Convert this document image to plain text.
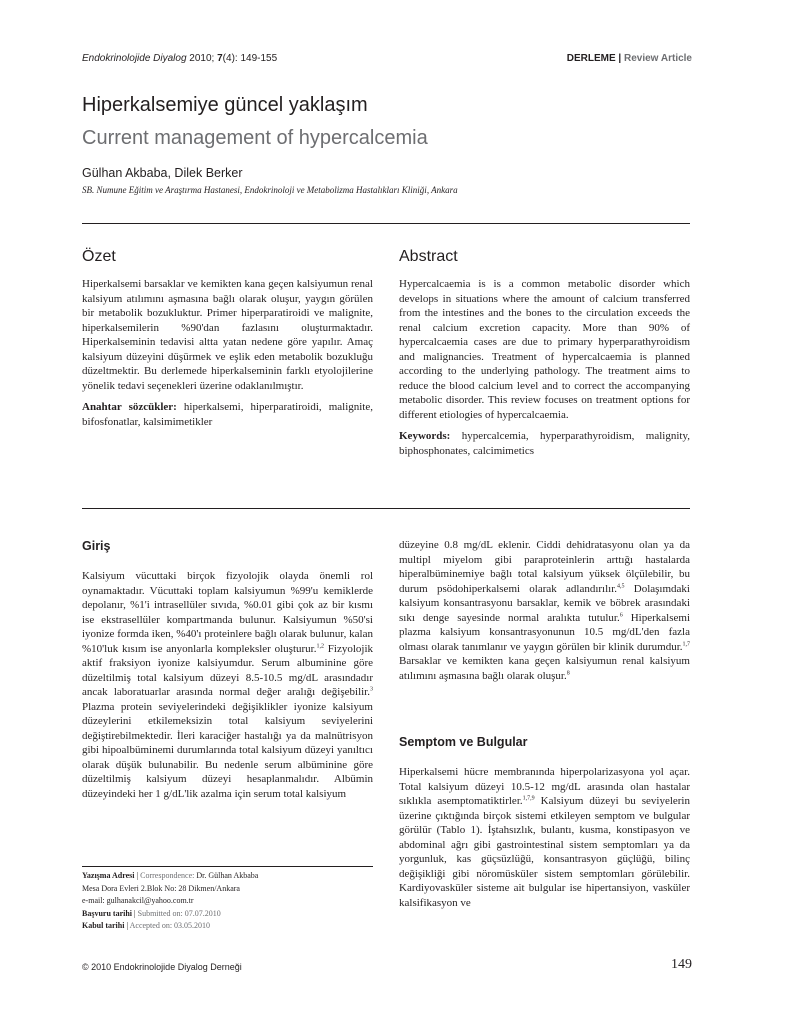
Endokrinolojide Diyalog 2010; 7(4): 149-155	DERLEME | Review Article
Hiperkalsemiye güncel yaklaşım
Current management of hypercalcemia
Gülhan Akbaba, Dilek Berker
SB. Numune Eğitim ve Araştırma Hastanesi, Endokrinoloji ve Metabolizma Hastalıkları Kliniği, Ankara
Özet

Hiperkalsemi barsaklar ve kemikten kana geçen kalsiyumun renal kalsiyum atılımını aşmasına bağlı olarak oluşur, yaygın görülen bir metabolik bozukluktur. Primer hiperparatiroidi ve malignite, hiperkalsemilerin %90'dan fazlasını oluşturmaktadır. Hiperkalseminin tedavisi altta yatan nedene göre yapılır. Amaç kalsiyum düzeyini düşürmek ve eşlik eden metabolik bozukluğu düzeltmektir. Bu derlemede hiperkalseminin farklı etyolojilerine yönelik tedavi seçenekleri üzerine odaklanılmıştır.

Anahtar sözcükler: hiperkalsemi, hiperparatiroidi, malignite, bifosfonatlar, kalsimimetikler

Abstract

Hypercalcaemia is is a common metabolic disorder which develops in situations where the amount of calcium transferred from the intestines and the bones to the circulation exceeds the renal calcium excretion capacity. More than 90% of hypercalcaemia cases are due to primary hyperparathyroidism and malignancies. Treatment of hypercalcaemia is planned according to the underlying pathology. The treatment aims to reduce the blood calcium level and to correct the accompanying metabolic disorder. This review focuses on treatment options for different etiologies of hypercalcaemia.

Keywords: hypercalcemia, hyperparathyroidism, malignity, biphosphonates, calcimimetics

Giriş

Kalsiyum vücuttaki birçok fizyolojik olayda önemli rol oynamaktadır. Vücuttaki toplam kalsiyumun %99'u kemiklerde depolanır, %1'i intrasellüler sıvıda, %0.01 gibi çok az bir kısmı ise ekstrasellüler kompartmanda bulunur. Kalsiyumun %50'si iyonize formda iken, %40'ı proteinlere bağlı olarak bulunur, kalan %10'luk kısım ise anyonlarla kompleksler oluşturur.$^{1,2}$ Fizyolojik aktif fraksiyon iyonize kalsiyumdur. Serum albuminine göre düzeltilmiş total kalsiyum düzeyi 8.5-10.5 mg/dL arasındadır ancak laboratuarlar arasında normal değer aralığı değişebilir.$^3$ Plazma protein seviyelerindeki değişiklikler iyonize kalsiyum düzeylerini etkilemeksizin total kalsiyum seviyelerini değiştirebilmektedir. İleri karaciğer hastalığı ya da malnütrisyon gibi hipoalbüminemi durumlarında total kalsiyum düzeyi yanıltıcı olarak düşük bulunabilir. Bu nedenle serum albüminine göre düzeltilmiş kalsiyum düzeyi hesaplanmalıdır. Albümin düzeyindeki her 1 g/dL'lik azalma için serum total kalsiyum

düzeyine 0.8 mg/dL eklenir. Ciddi dehidratasyonu olan ya da multipl miyelom gibi paraproteinlerin arttığı hastalarda hiperalbüminemiye bağlı total kalsiyum yüksek ölçülebilir, bu durum psödohiperkalsemi olarak adlandırılır.$^{4,5}$ Dolaşımdaki kalsiyum konsantrasyonu barsaklar, kemik ve böbrek arasındaki sıkı denge sayesinde normal aralıkta tutulur.$^6$ Hiperkalsemi plazma kalsiyum konsantrasyonunun 10.5 mg/dL'den fazla olması olarak tanımlanır ve yaygın görülen bir klinik durumdur.$^{1,7}$ Barsaklar ve kemikten kana geçen kalsiyumun renal kalsiyum atılımını aşmasına bağlı olarak oluşur.$^8$

Semptom ve Bulgular

Hiperkalsemi hücre membranında hiperpolarizasyona yol açar. Total kalsiyum düzeyi 10.5-12 mg/dL arasında olan hastalar sıklıkla asemptomatiktirler.$^{1,7,9}$ Kalsiyum düzeyi bu seviyelerin üzerine çıktığında birçok sistemi etkileyen semptom ve bulgular görülür (Tablo 1). İştahsızlık, bulantı, kusma, konstipasyon ve abdominal ağrı gibi gastrointestinal sistem semptomları ya da yorgunluk, kas güçsüzlüğü, konsantrasyon güçlüğü, bilinç değişikliği gibi nöromüsküler sistem semptomları görülebilir. Kardiyovasküler sisteme ait bulgular ise hipertansiyon, vasküler kalsifikasyon ve

Yazışma Adresi | Correspondence: Dr. Gülhan Akbaba
Mesa Dora Evleri 2.Blok No: 28 Dikmen/Ankara
e-mail: gulhanakcil@yahoo.com.tr
Başvuru tarihi | Submitted on: 07.07.2010
Kabul tarihi | Accepted on: 03.05.2010
© 2010 Endokrinolojide Diyalog Derneği	149
